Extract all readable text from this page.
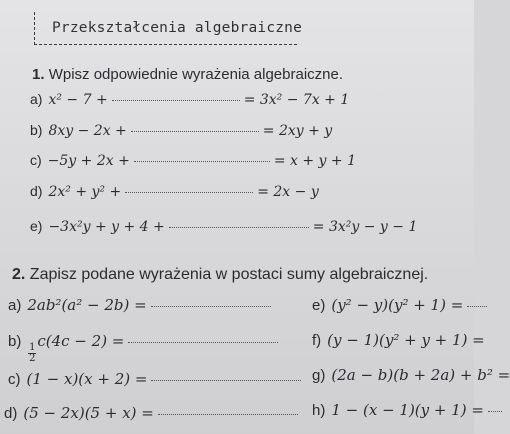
Przekształcenia algebraiczne
1. Wpisz odpowiednie wyrażenia algebraiczne.
a) x² − 7 +	= 3x² − 7x + 1
b) 8xy − 2x +	= 2xy + y
c) −5y + 2x +	= x + y + 1
d) 2x² + y² +	= 2x − y
e) −3x²y + y + 4 +	= 3x²y − y − 1
2. Zapisz podane wyrażenia w postaci sumy algebraicznej.
a) 2ab²(a² − 2b) =
b)
$\frac{1}{2}$
c(4c − 2) =
c) (1 − x)(x + 2) =
d) (5 − 2x)(5 + x) =
e) (y² − y)(y² + 1) =
f) (y − 1)(y² + y + 1) =
g) (2a − b)(b + 2a) + b² =
h) 1 − (x − 1)(y + 1) =
